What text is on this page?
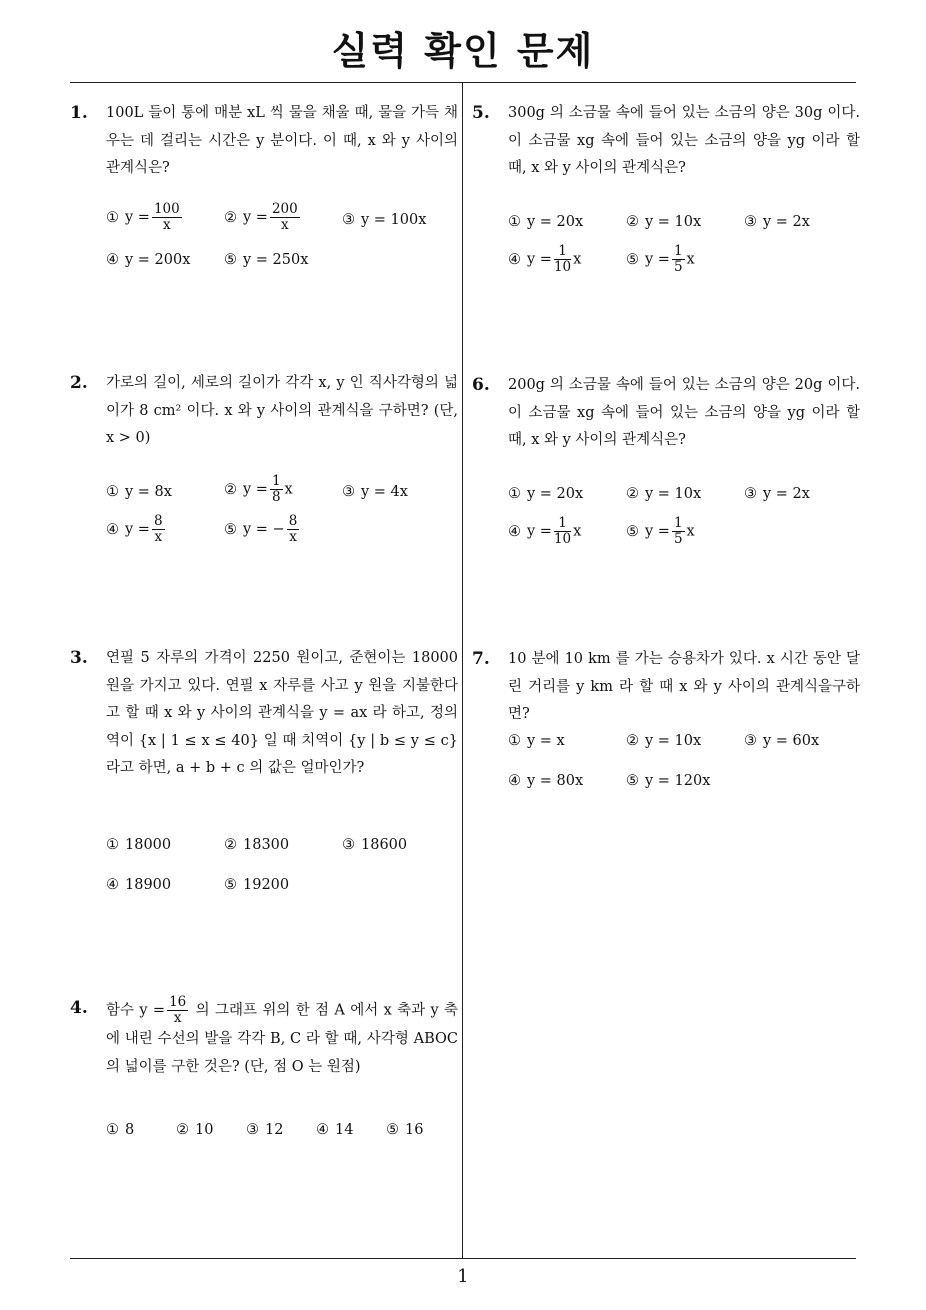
실력 확인 문제
1
1. 100L 들이 통에 매분 xL 씩 물을 채울 때, 물을 가득 채우는 데 걸리는 시간은 y 분이다. 이 때, x 와 y 사이의 관계식은?
① $y = \frac{100}{x}$	② $y = \frac{200}{x}$	③ y = 100x
④ y = 200x ⑤ y = 250x
2. 가로의 길이, 세로의 길이가 각각 x, y 인 직사각형의 넓이가 8 cm² 이다. x 와 y 사이의 관계식을 구하면? (단, x > 0)
① y = 8x	② $y = \frac{1}{8}$ x	③ y = 4x
④ $y = \frac{8}{x}$	⑤ y = − $\frac{8}{x}$
3. 연필 5 자루의 가격이 2250 원이고, 준현이는 18000 원을 가지고 있다. 연필 x 자루를 사고 y 원을 지불한다고 할 때 x 와 y 사이의 관계식을 y = ax 라 하고, 정의역이 {x | 1 ≤ x ≤ 40} 일 때 치역이 {y | b ≤ y ≤ c} 라고 하면, a + b + c 의 값은 얼마인가?
① 18000	② 18300	③ 18600
④ 18900	⑤ 19200
4. 함수 $y = \frac{16}{x}$ 의 그래프 위의 한 점 A 에서 x 축과 y 축에 내린 수선의 발을 각각 B, C 라 할 때, 사각형 ABOC 의 넓이를 구한 것은? (단, 점 O 는 원점)
① 8	② 10 ③ 12 ④ 14 ⑤ 16
5. 300g 의 소금물 속에 들어 있는 소금의 양은 30g 이다. 이 소금물 xg 속에 들어 있는 소금의 양을 yg 이라 할 때, x 와 y 사이의 관계식은?
① y = 20x	② y = 10x	③ y = 2x
④ $y = \frac{1}{10}$ x	⑤ $y = \frac{1}{5}$ x
6. 200g 의 소금물 속에 들어 있는 소금의 양은 20g 이다. 이 소금물 xg 속에 들어 있는 소금의 양을 yg 이라 할 때, x 와 y 사이의 관계식은?
① y = 20x	② y = 10x	③ y = 2x
④ $y = \frac{1}{10}$ x	⑤ $y = \frac{1}{5}$ x
7. 10 분에 10 km 를 가는 승용차가 있다. x 시간 동안 달린 거리를 y km 라 할 때 x 와 y 사이의 관계식을구하면?
① y = x	② y = 10x	③ y = 60x
④ y = 80x	⑤ y = 120x
